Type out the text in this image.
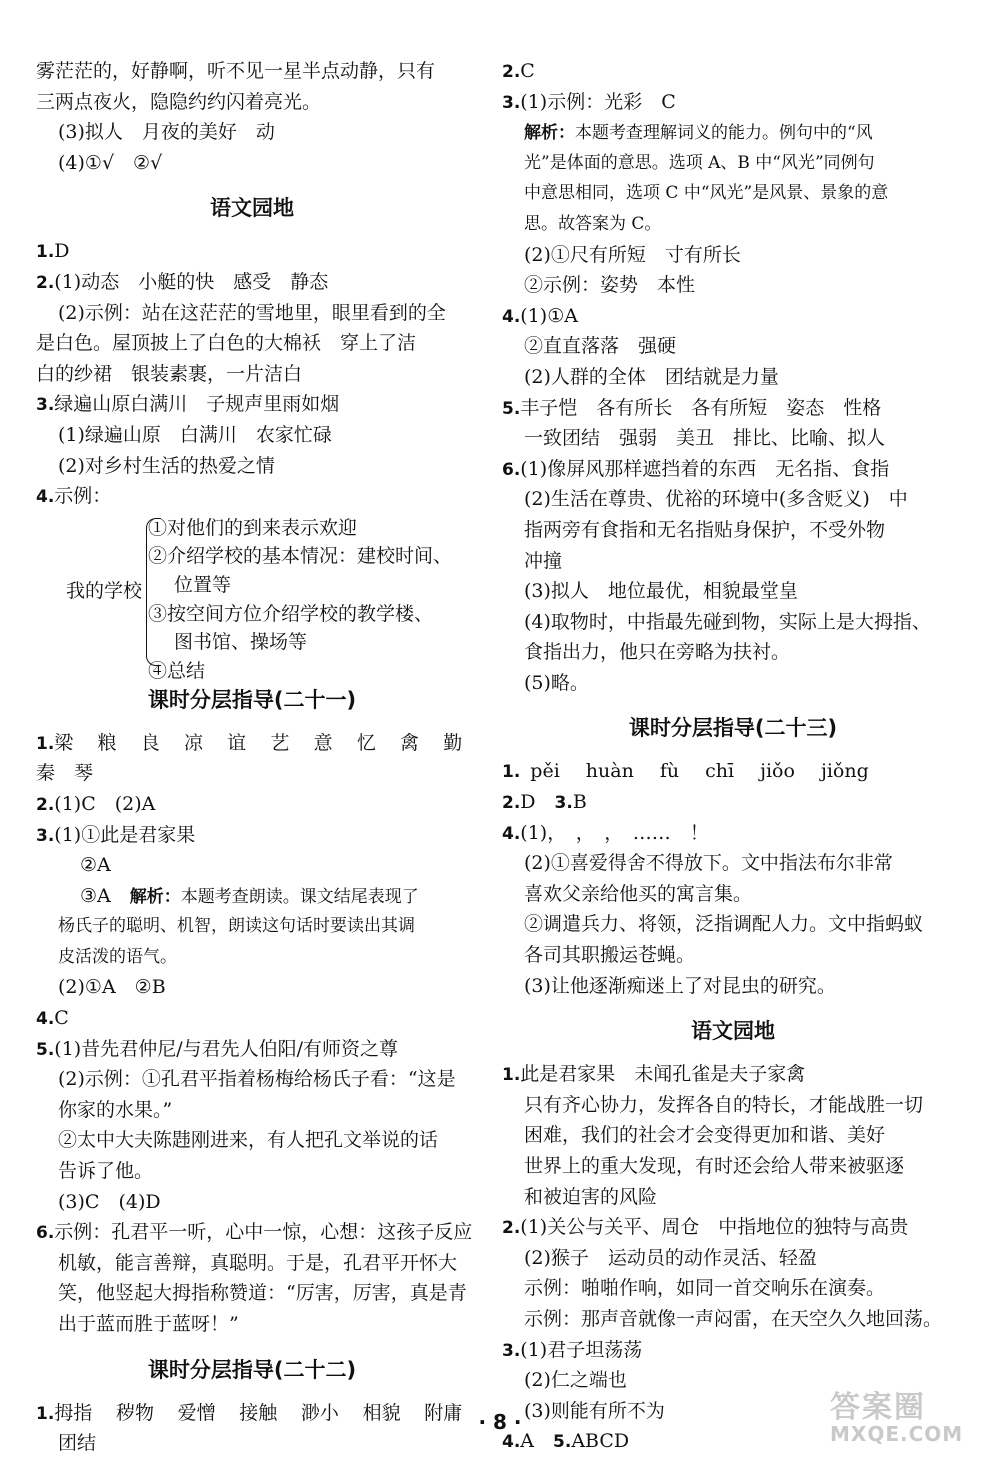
雾茫茫的，好静啊，听不见一星半点动静，只有
三两点夜火，隐隐约约闪着亮光。
(3)拟人　月夜的美好　动
(4)①√　②√
语文园地
1.D
2.(1)动态　小艇的快　感受　静态
(2)示例：站在这茫茫的雪地里，眼里看到的全
是白色。屋顶披上了白色的大棉袄　穿上了洁
白的纱裙　银装素裹，一片洁白
3.绿遍山原白满川　子规声里雨如烟
(1)绿遍山原　白满川　农家忙碌
(2)对乡村生活的热爱之情
4.示例：
我的学校
①对他们的到来表示欢迎
②介绍学校的基本情况：建校时间、
位置等
③按空间方位介绍学校的教学楼、
图书馆、操场等
④总结
课时分层指导(二十一)
1. 梁 粮 良 凉 谊 艺 意 忆 禽 勤
秦　琴
2.(1)C　(2)A
3.(1)①此是君家果
②A
③A　解析：本题考查朗读。课文结尾表现了
杨氏子的聪明、机智，朗读这句话时要读出其调
皮活泼的语气。
(2)①A　②B
4.C
5.(1)昔先君仲尼/与君先人伯阳/有师资之尊
(2)示例：①孔君平指着杨梅给杨氏子看：“这是
你家的水果。”
②太中大夫陈韪刚进来，有人把孔文举说的话
告诉了他。
(3)C　(4)D
6.示例：孔君平一听，心中一惊，心想：这孩子反应
机敏，能言善辩，真聪明。于是，孔君平开怀大
笑，他竖起大拇指称赞道：“厉害，厉害，真是青
出于蓝而胜于蓝呀！”
课时分层指导(二十二)
1. 拇指 秽物 爱憎 接触 渺小 相貌 附庸
团结
2.C
3.(1)示例：光彩　C
解析：本题考查理解词义的能力。例句中的“风
光”是体面的意思。选项 A、B 中“风光”同例句
中意思相同，选项 C 中“风光”是风景、景象的意
思。故答案为 C。
(2)①尺有所短　寸有所长
②示例：姿势　本性
4.(1)①A
②直直落落　强硬
(2)人群的全体　团结就是力量
5.丰子恺　各有所长　各有所短　姿态　性格
一致团结　强弱　美丑　排比、比喻、拟人
6.(1)像屏风那样遮挡着的东西　无名指、食指
(2)生活在尊贵、优裕的环境中(多含贬义)　中
指两旁有食指和无名指贴身保护，不受外物
冲撞
(3)拟人　地位最优，相貌最堂皇
(4)取物时，中指最先碰到物，实际上是大拇指、
食指出力，他只在旁略为扶衬。
(5)略。
课时分层指导(二十三)
1. pěi huàn fù chī jiǒo jiǒng
2.D　3.B
4.(1)，　，　，　……　！
(2)①喜爱得舍不得放下。文中指法布尔非常
喜欢父亲给他买的寓言集。
②调遣兵力、将领，泛指调配人力。文中指蚂蚁
各司其职搬运苍蝇。
(3)让他逐渐痴迷上了对昆虫的研究。
语文园地
1.此是君家果　未闻孔雀是夫子家禽
只有齐心协力，发挥各自的特长，才能战胜一切
困难，我们的社会才会变得更加和谐、美好
世界上的重大发现，有时还会给人带来被驱逐
和被迫害的风险
2.(1)关公与关平、周仓　中指地位的独特与高贵
(2)猴子　运动员的动作灵活、轻盈
示例：啪啪作响，如同一首交响乐在演奏。
示例：那声音就像一声闷雷，在天空久久地回荡。
3.(1)君子坦荡荡
(2)仁之端也
(3)则能有所不为
4.A　5.ABCD
· 8 ·	答案圈
MXQE.COM
